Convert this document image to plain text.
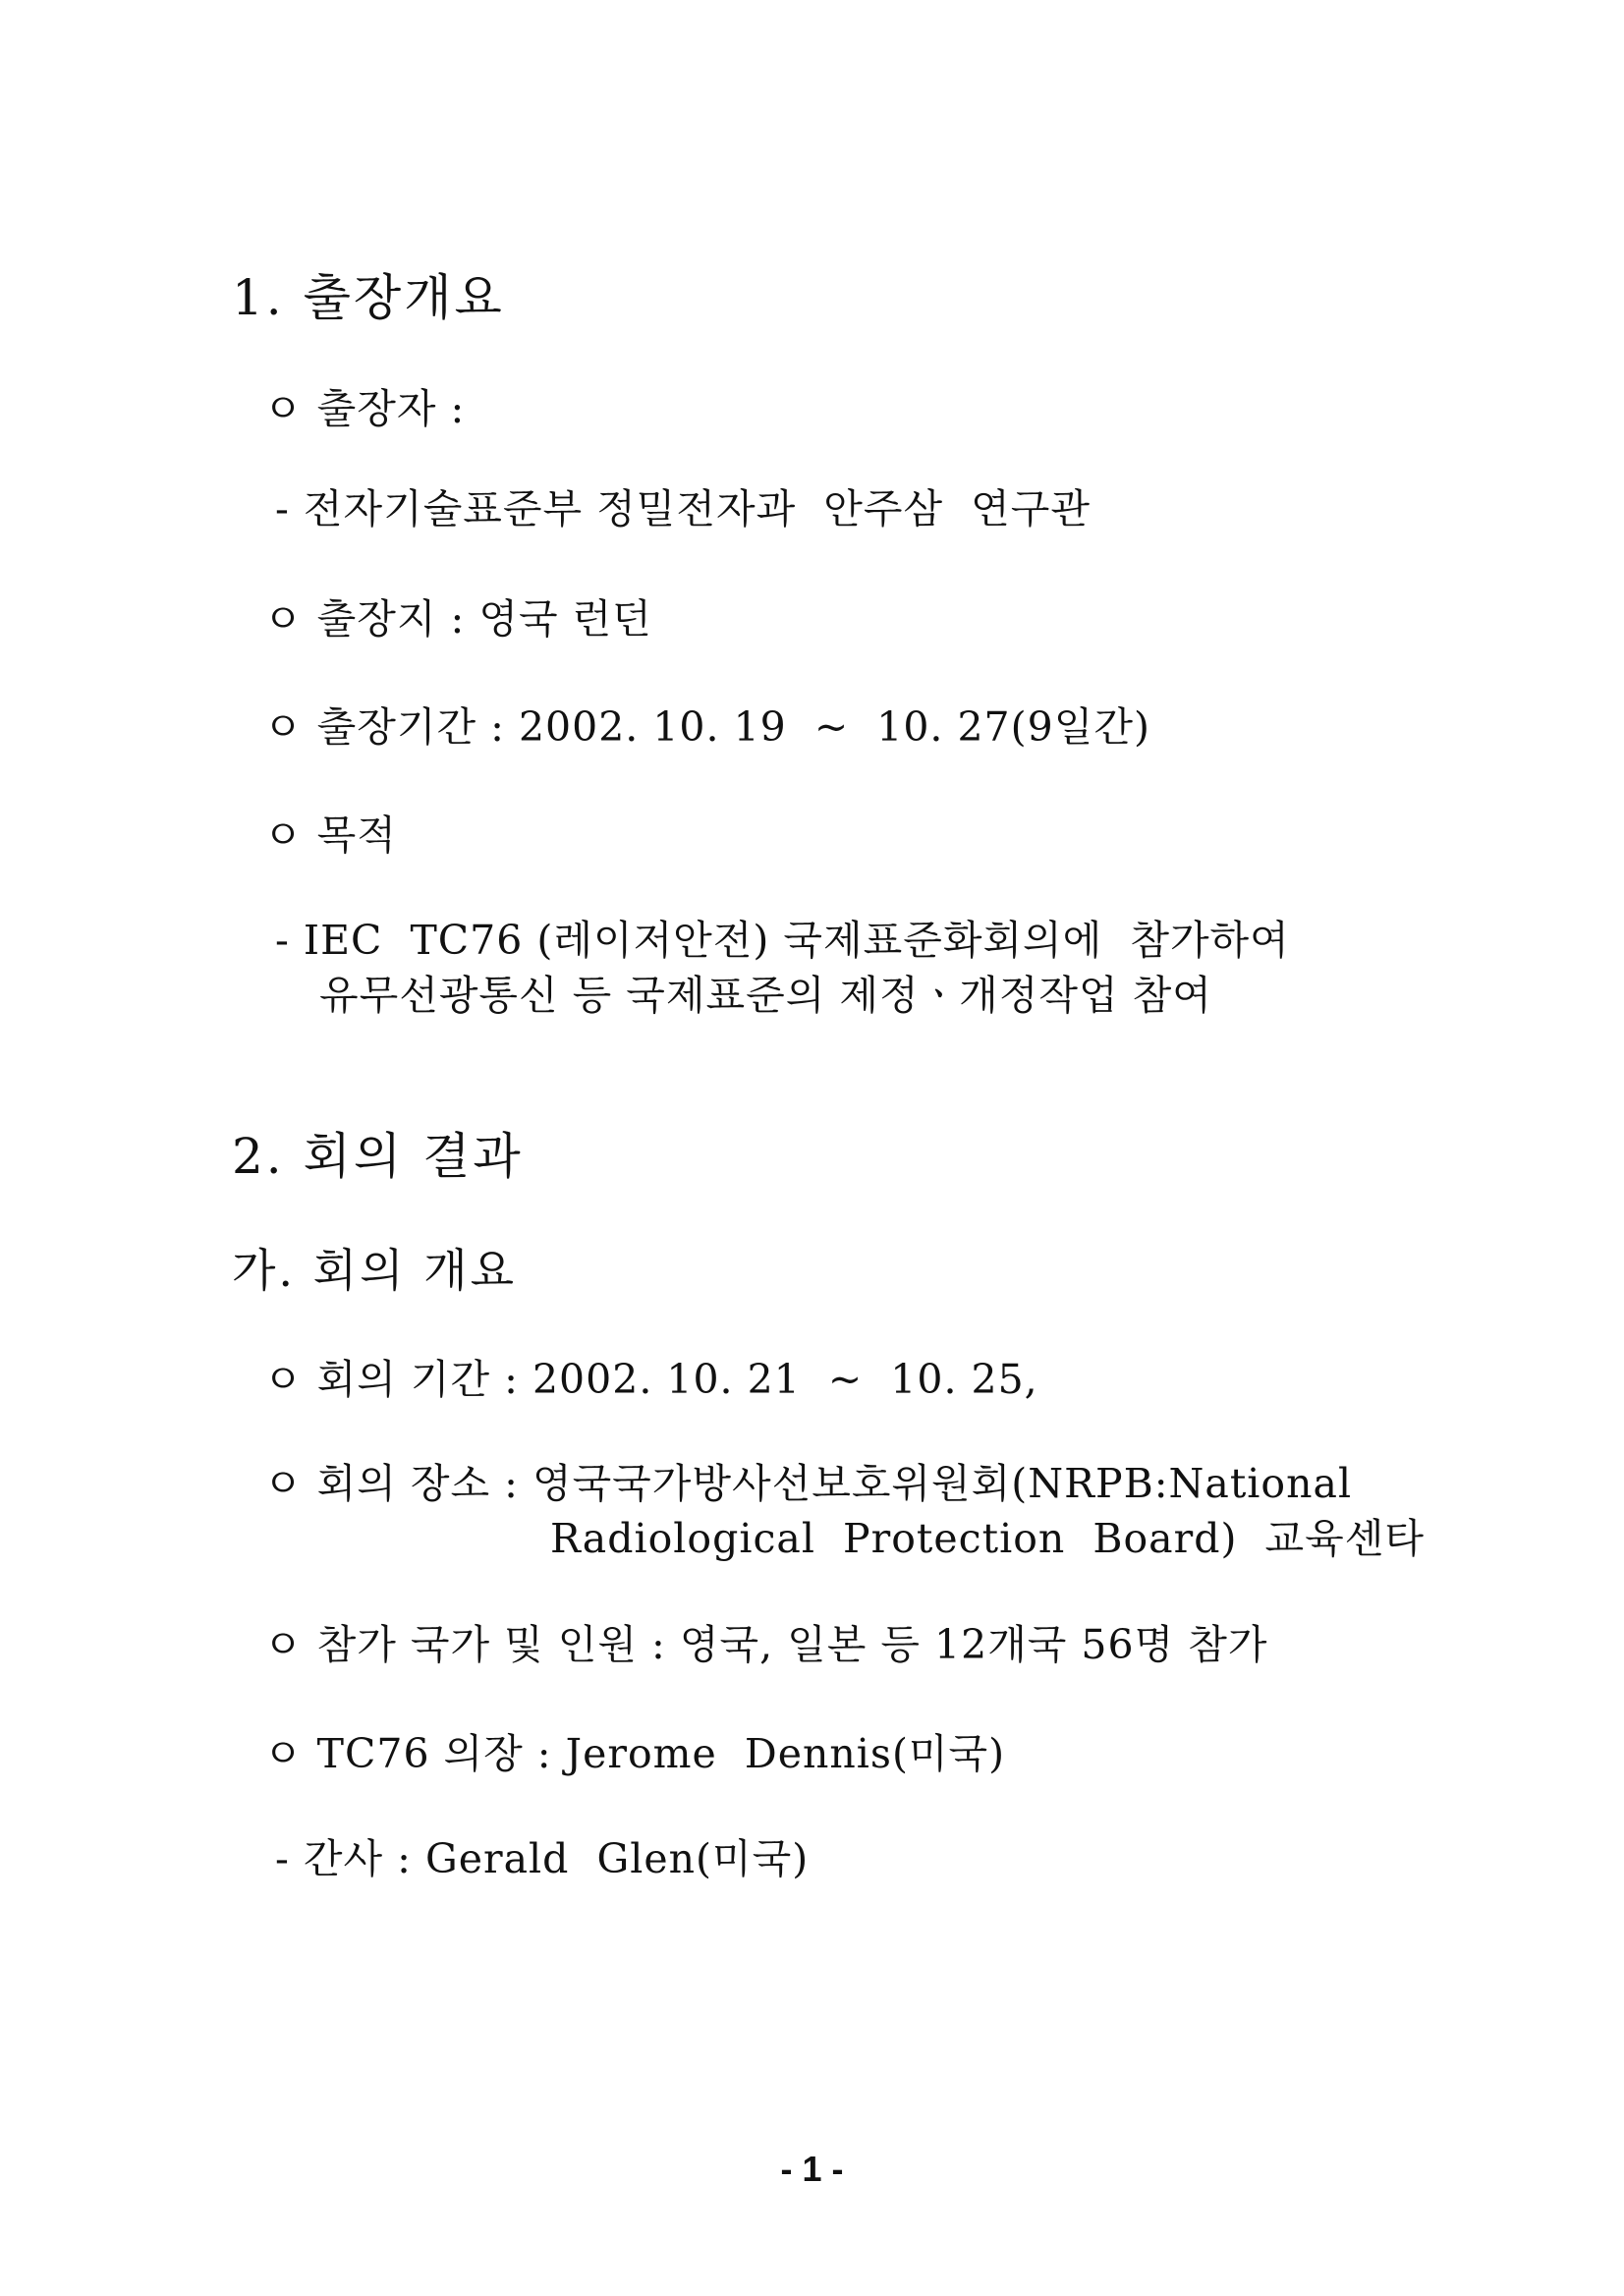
1. 출장개요
ㅇ 출장자 :
- 전자기술표준부 정밀전자과  안주삼  연구관
ㅇ 출장지 : 영국 런던
ㅇ 출장기간 : 2002. 10. 19  ~  10. 27(9일간)
ㅇ 목적
- IEC  TC76 (레이저안전) 국제표준화회의에  참가하여
유무선광통신 등 국제표준의 제정ㆍ개정작업 참여
2. 회의 결과
가. 회의 개요
ㅇ 회의 기간 : 2002. 10. 21  ~  10. 25,
ㅇ 회의 장소 : 영국국가방사선보호위원회(NRPB:National
Radiological  Protection  Board)  교육센타
ㅇ 참가 국가 및 인원 : 영국, 일본 등 12개국 56명 참가
ㅇ TC76 의장 : Jerome  Dennis(미국)
- 간사 : Gerald  Glen(미국)
- 1 -
